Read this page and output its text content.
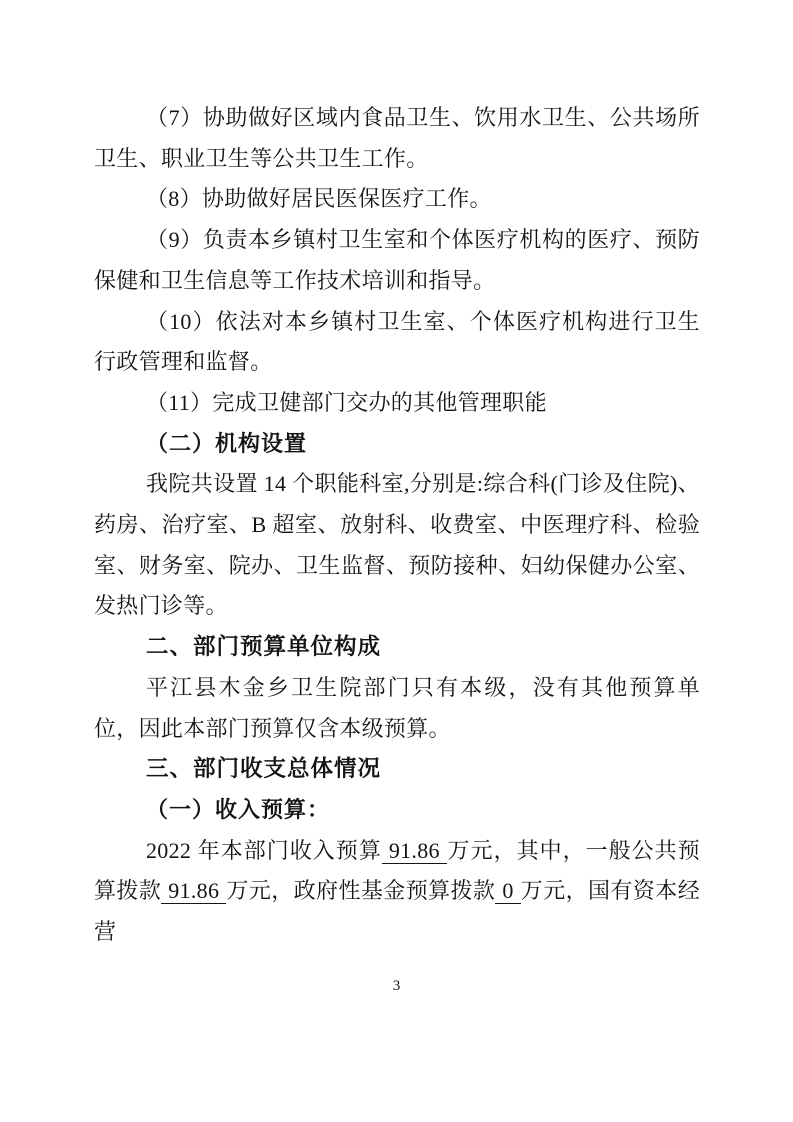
（7）协助做好区域内食品卫生、饮用水卫生、公共场所卫生、职业卫生等公共卫生工作。

（8）协助做好居民医保医疗工作。

（9）负责本乡镇村卫生室和个体医疗机构的医疗、预防保健和卫生信息等工作技术培训和指导。

（10）依法对本乡镇村卫生室、个体医疗机构进行卫生行政管理和监督。

（11）完成卫健部门交办的其他管理职能

（二）机构设置

我院共设置 14 个职能科室,分别是:综合科(门诊及住院)、药房、治疗室、B 超室、放射科、收费室、中医理疗科、检验室、财务室、院办、卫生监督、预防接种、妇幼保健办公室、发热门诊等。

二、部门预算单位构成

平江县木金乡卫生院部门只有本级，没有其他预算单位，因此本部门预算仅含本级预算。

三、部门收支总体情况
（一）收入预算：

2022 年本部门收入预算 91.86 万元，其中，一般公共预算拨款 91.86 万元，政府性基金预算拨款 0 万元，国有资本经营

3
